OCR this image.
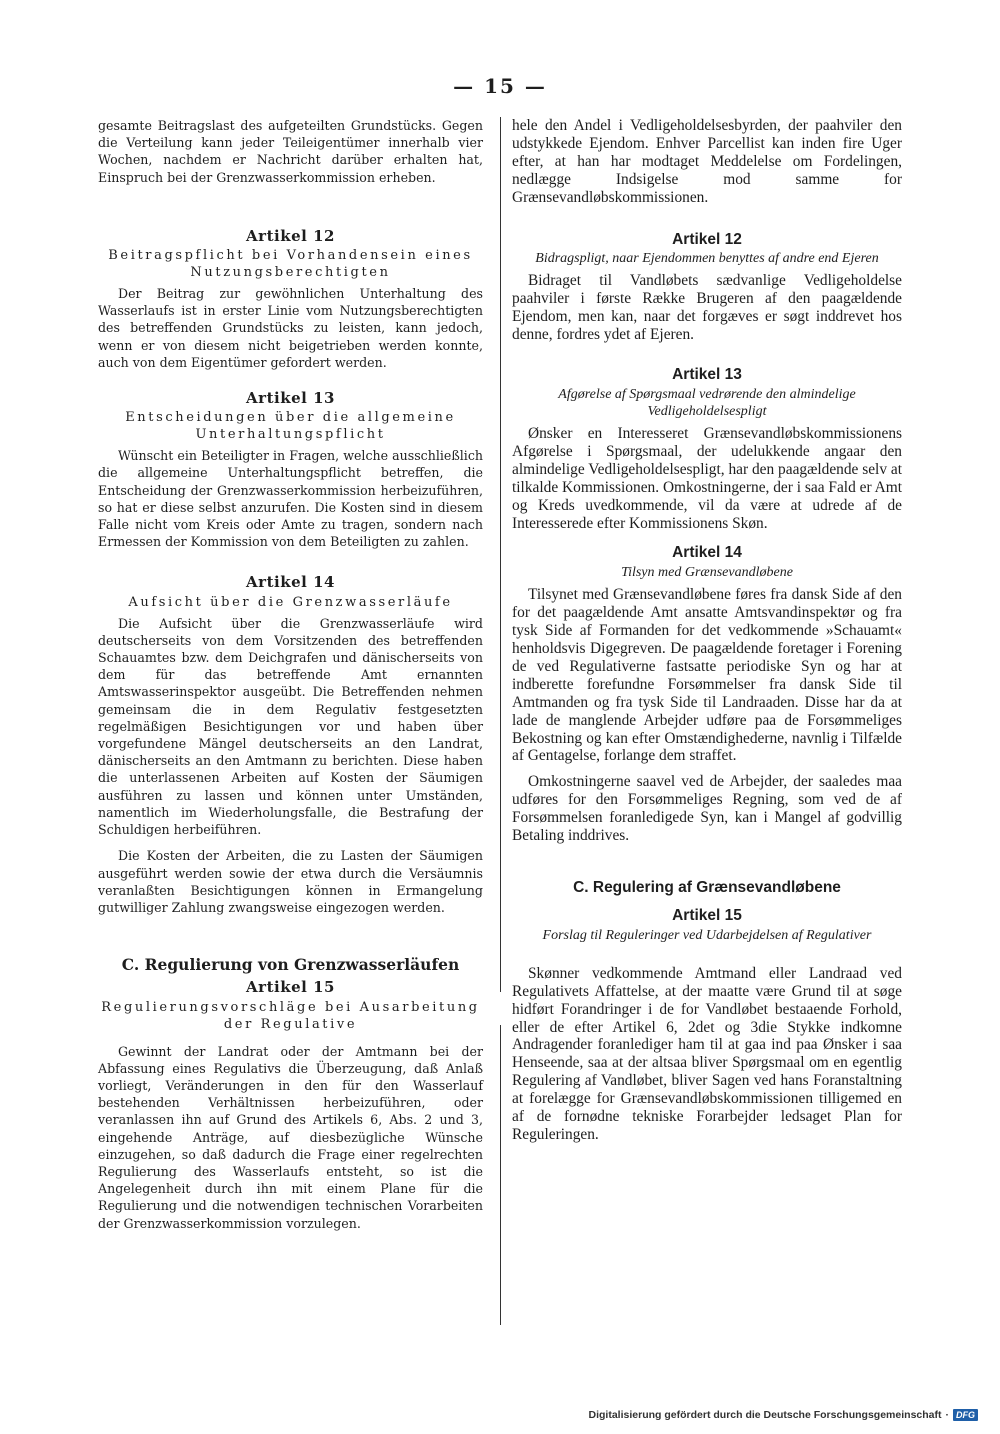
— 15 —

gesamte Beitragslast des aufgeteilten Grundstücks. Gegen die Verteilung kann jeder Teileigentümer innerhalb vier Wochen, nachdem er Nachricht darüber erhalten hat, Einspruch bei der Grenzwasserkommission erheben.

Artikel 12
Beitragspflicht bei Vorhandensein eines Nutzungsberechtigten

Der Beitrag zur gewöhnlichen Unterhaltung des Wasserlaufs ist in erster Linie vom Nutzungsberechtigten des betreffenden Grundstücks zu leisten, kann jedoch, wenn er von diesem nicht beigetrieben werden konnte, auch von dem Eigentümer gefordert werden.

Artikel 13
Entscheidungen über die allgemeine Unterhaltungspflicht

Wünscht ein Beteiligter in Fragen, welche ausschließlich die allgemeine Unterhaltungspflicht betreffen, die Entscheidung der Grenzwasserkommission herbeizuführen, so hat er diese selbst anzurufen. Die Kosten sind in diesem Falle nicht vom Kreis oder Amte zu tragen, sondern nach Ermessen der Kommission von dem Beteiligten zu zahlen.

Artikel 14
Aufsicht über die Grenzwasserläufe

Die Aufsicht über die Grenzwasserläufe wird deutscherseits von dem Vorsitzenden des betreffenden Schauamtes bzw. dem Deichgrafen und dänischerseits von dem für das betreffende Amt ernannten Amtswasserinspektor ausgeübt. Die Betreffenden nehmen gemeinsam die in dem Regulativ festgesetzten regelmäßigen Besichtigungen vor und haben über vorgefundene Mängel deutscherseits an den Landrat, dänischerseits an den Amtmann zu berichten. Diese haben die unterlassenen Arbeiten auf Kosten der Säumigen ausführen zu lassen und können unter Umständen, namentlich im Wiederholungsfalle, die Bestrafung der Schuldigen herbeiführen.

Die Kosten der Arbeiten, die zu Lasten der Säumigen ausgeführt werden sowie der etwa durch die Versäumnis veranlaßten Besichtigungen können in Ermangelung gutwilliger Zahlung zwangsweise eingezogen werden.

C. Regulierung von Grenzwasserläufen
Artikel 15
Regulierungsvorschläge bei Ausarbeitung der Regulative

Gewinnt der Landrat oder der Amtmann bei der Abfassung eines Regulativs die Überzeugung, daß Anlaß vorliegt, Veränderungen in den für den Wasserlauf bestehenden Verhältnissen herbeizuführen, oder veranlassen ihn auf Grund des Artikels 6, Abs. 2 und 3, eingehende Anträge, auf diesbezügliche Wünsche einzugehen, so daß dadurch die Frage einer regelrechten Regulierung des Wasserlaufs entsteht, so ist die Angelegenheit durch ihn mit einem Plane für die Regulierung und die notwendigen technischen Vorarbeiten der Grenzwasserkommission vorzulegen.

hele den Andel i Vedligeholdelsesbyrden, der paahviler den udstykkede Ejendom. Enhver Parcellist kan inden fire Uger efter, at han har modtaget Meddelelse om Fordelingen, nedlægge Indsigelse mod samme for Grænsevandløbskommissionen.

Artikel 12
Bidragspligt, naar Ejendommen benyttes af andre end Ejeren

Bidraget til Vandløbets sædvanlige Vedligeholdelse paahviler i første Række Brugeren af den paagældende Ejendom, men kan, naar det forgæves er søgt inddrevet hos denne, fordres ydet af Ejeren.

Artikel 13
Afgørelse af Spørgsmaal vedrørende den almindelige Vedligeholdelsespligt

Ønsker en Interesseret Grænsevandløbskommissionens Afgørelse i Spørgsmaal, der udelukkende angaar den almindelige Vedligeholdelsespligt, har den paagældende selv at tilkalde Kommissionen. Omkostningerne, der i saa Fald er Amt og Kreds uvedkommende, vil da være at udrede af de Interesserede efter Kommissionens Skøn.

Artikel 14
Tilsyn med Grænsevandløbene

Tilsynet med Grænsevandløbene føres fra dansk Side af den for det paagældende Amt ansatte Amtsvandinspektør og fra tysk Side af Formanden for det vedkommende »Schauamt« henholdsvis Digegreven. De paagældende foretager i Forening de ved Regulativerne fastsatte periodiske Syn og har at indberette forefundne Forsømmelser fra dansk Side til Amtmanden og fra tysk Side til Landraaden. Disse har da at lade de manglende Arbejder udføre paa de Forsømmeliges Bekostning og kan efter Omstændighederne, navnlig i Tilfælde af Gentagelse, forlange dem straffet.

Omkostningerne saavel ved de Arbejder, der saaledes maa udføres for den Forsømmeliges Regning, som ved de af Forsømmelsen foranledigede Syn, kan i Mangel af godvillig Betaling inddrives.

C. Regulering af Grænsevandløbene
Artikel 15
Forslag til Reguleringer ved Udarbejdelsen af Regulativer

Skønner vedkommende Amtmand eller Landraad ved Regulativets Affattelse, at der maatte være Grund til at søge hidført Forandringer i de for Vandløbet bestaaende Forhold, eller de efter Artikel 6, 2det og 3die Stykke indkomne Andragender foranlediger ham til at gaa ind paa Ønsker i saa Henseende, saa at der altsaa bliver Spørgsmaal om en egentlig Regulering af Vandløbet, bliver Sagen ved hans Foranstaltning at forelægge for Grænsevandløbskommissionen tilligemed en af de fornødne tekniske Forarbejder ledsaget Plan for Reguleringen.

Digitalisierung gefördert durch die Deutsche Forschungsgemeinschaft · DFG
